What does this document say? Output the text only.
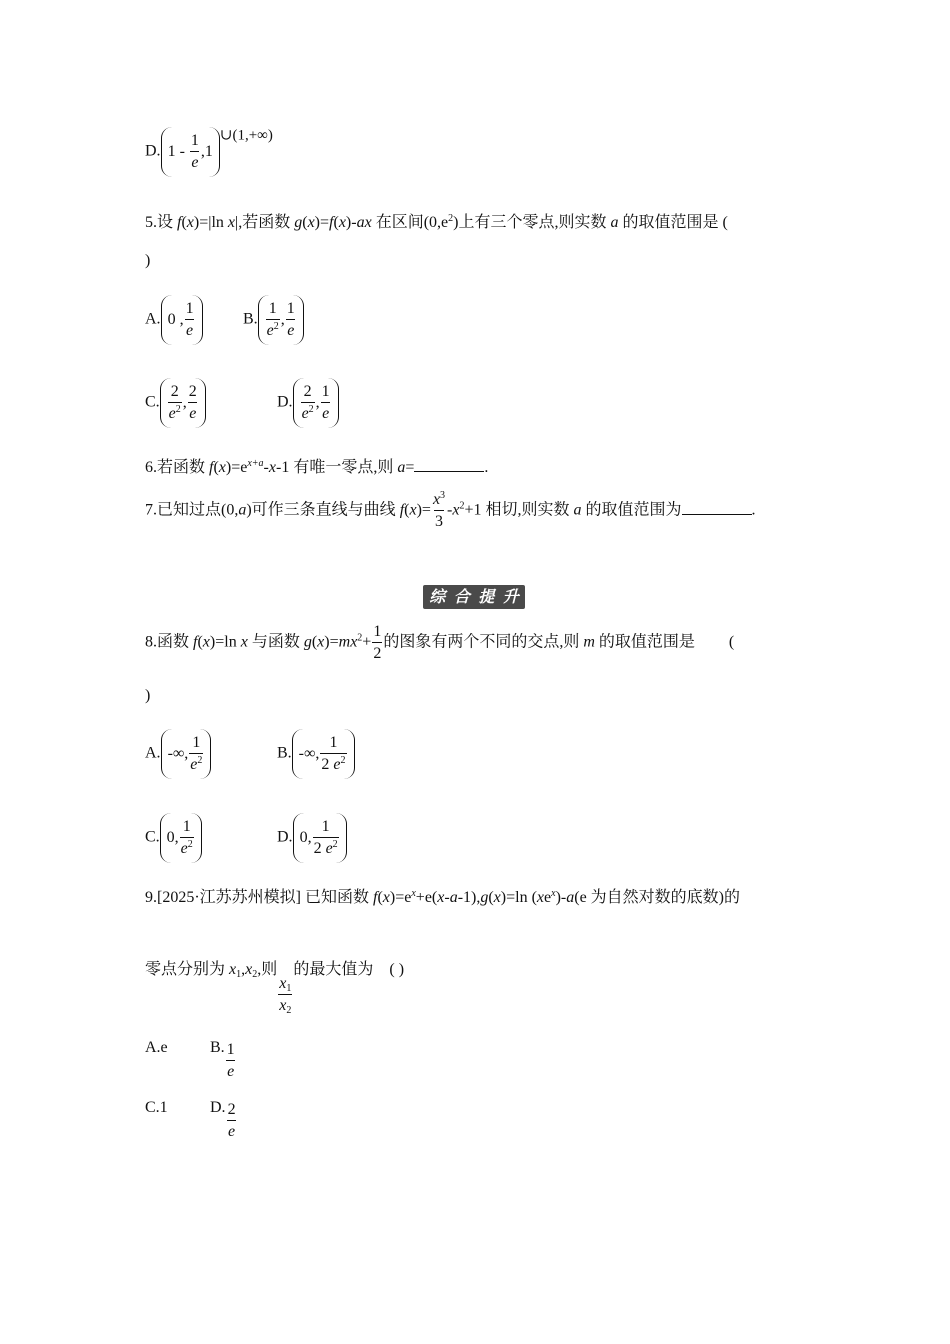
D. 1
-
$\frac{1}{e}$ , 1
$^{\cup(1,+\infty)}$
5.设 f(x)=|ln x|,若函数 g(x)=f(x)-ax 在区间$(0,e^2)$上有三个零点,则实数 a 的取值范围是 (
)
A. 0
, $\frac{1}{e}$	B. $\frac{1}{e^2}$ , $\frac{1}{e}$
C. $\frac{2}{e^2}$ , $\frac{2}{e}$	D. $\frac{2}{e^2}$ , $\frac{1}{e}$
6.若函数 $f(x)=e^{x+a}-x-1$ 有唯一零点,则 a=	.
7.已知过点(0,a)可作三条直线与曲线 $f(x)= \frac{x^3}{3} -x^2+1$ 相切,则实数 a 的取值范围为	.
综 合 提 升
8.函数 f(x)=ln x 与函数 $g(x)=mx^2+ \frac{1}{2}$ 的图象有两个不同的交点,则 m 的取值范围是 (
)
A. -∞, $\frac{1}{e^2}$	B. -∞, $\frac{1}{2 e^2}$
C. 0, $\frac{1}{e^2}$	D. 0, $\frac{1}{2 e^2}$
9.[2025·江苏苏州模拟] 已知函数 $f(x)=e^x+e(x-a-1),g(x)=\ln$ $(xe^x)-a(e$ 为自然对数的底数)的
零点分别为 $x_1,x_2$,则
$\frac{x_1}{x_2}$
的最大值为 ( )
A.e	B. $\frac{1}{e}$
C.1	D. $\frac{2}{e}$
